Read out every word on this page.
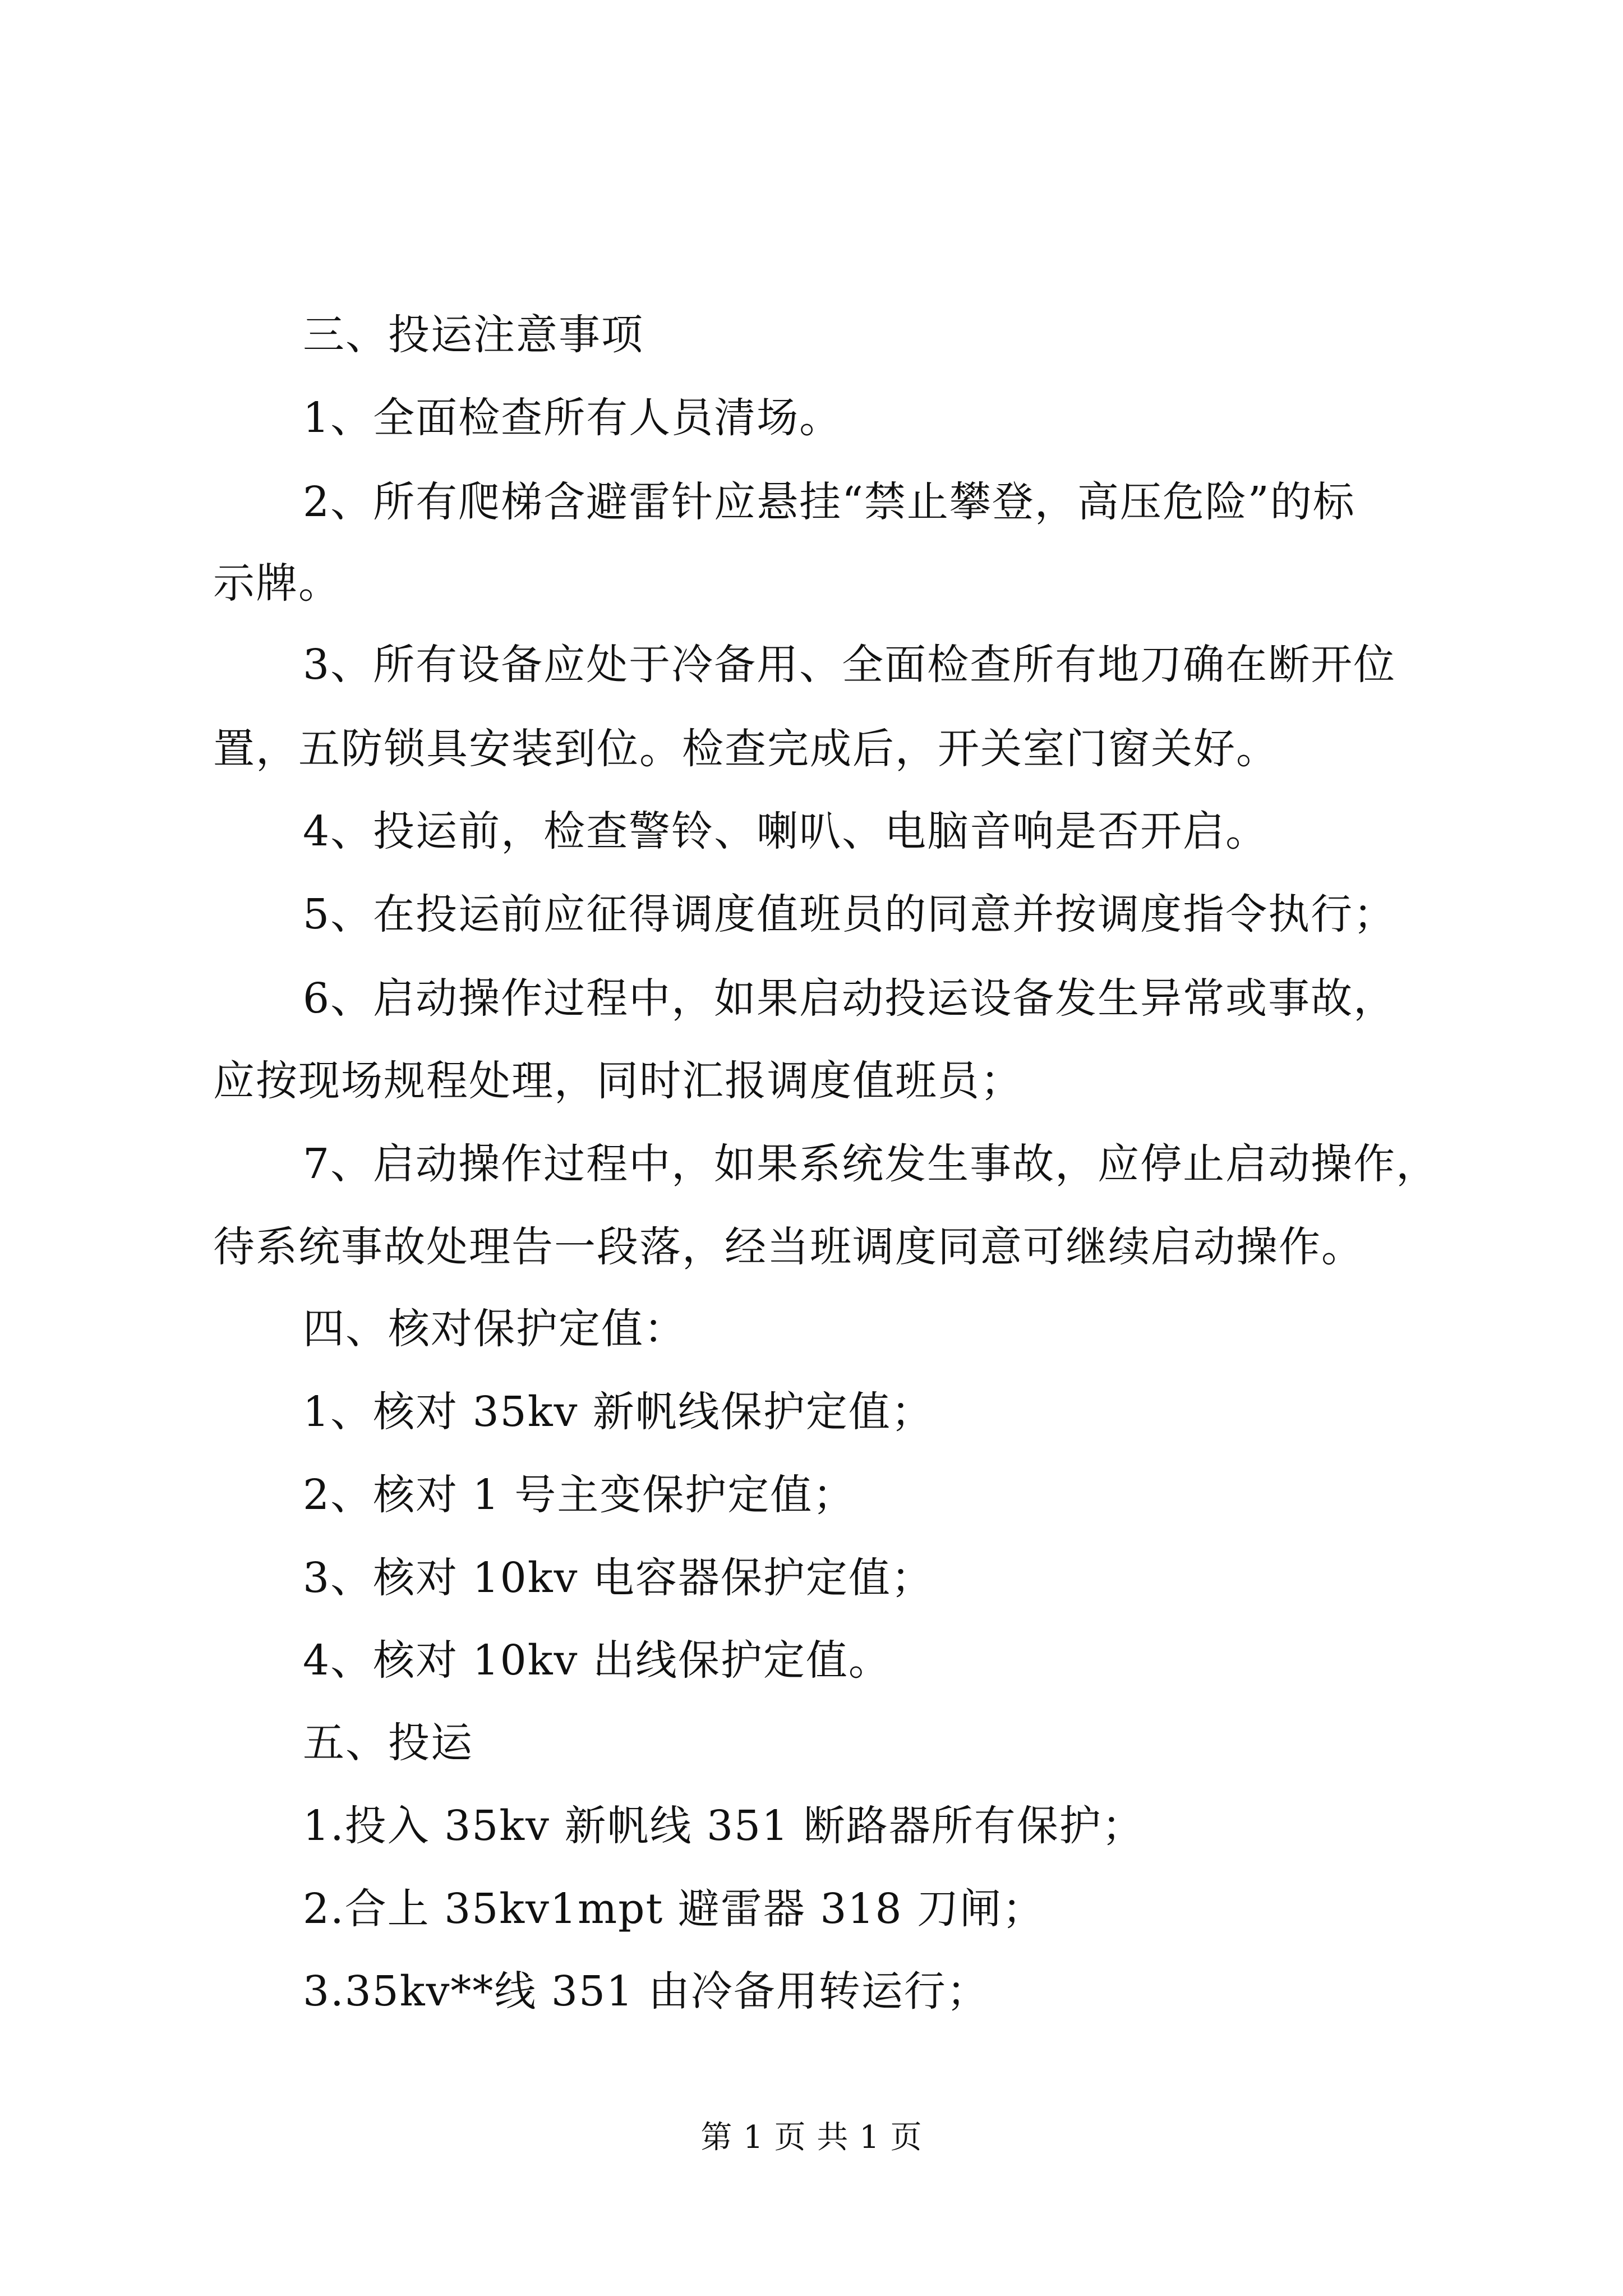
三、投运注意事项
1、全面检查所有人员清场。
2、所有爬梯含避雷针应悬挂“禁止攀登，高压危险”的标
示牌。
3、所有设备应处于冷备用、全面检查所有地刀确在断开位
置，五防锁具安装到位。检查完成后，开关室门窗关好。
4、投运前，检查警铃、喇叭、电脑音响是否开启。
5、在投运前应征得调度值班员的同意并按调度指令执行；
6、启动操作过程中，如果启动投运设备发生异常或事故，
应按现场规程处理，同时汇报调度值班员；
7、启动操作过程中，如果系统发生事故，应停止启动操作，
待系统事故处理告一段落，经当班调度同意可继续启动操作。
四、核对保护定值：
1、核对 35kv 新帆线保护定值；
2、核对 1 号主变保护定值；
3、核对 10kv 电容器保护定值；
4、核对 10kv 出线保护定值。
五、投运
1.投入 35kv 新帆线 351 断路器所有保护；
2.合上 35kv1mpt 避雷器 318 刀闸；
3.35kv**线 351 由冷备用转运行；
第 1 页 共 1 页
